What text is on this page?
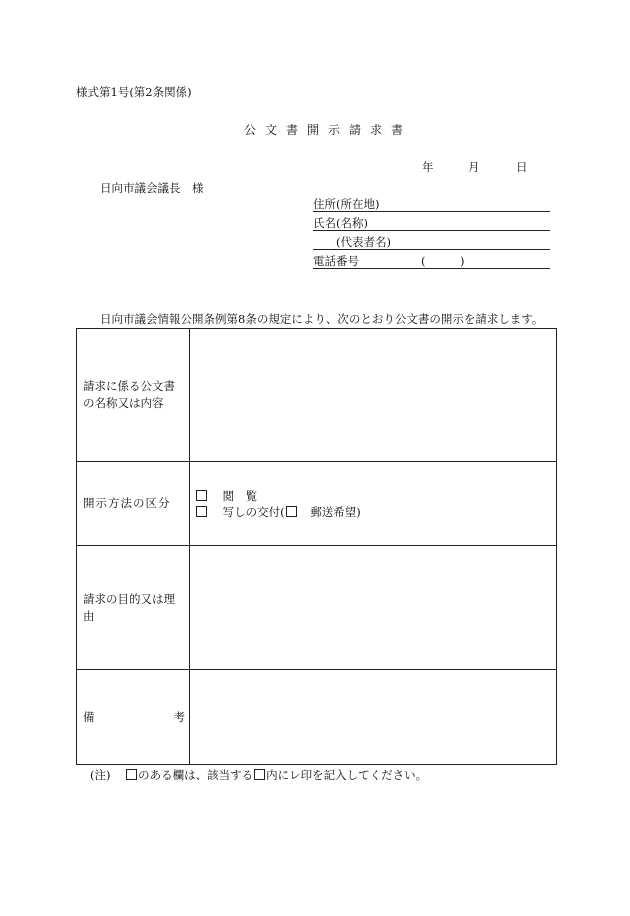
様式第1号(第2条関係)
公文書開示請求書
年	月	日
日向市議会議長　様
住所(所在地)
氏名(名称)
(代表者名)
電話番号	(　　　)
日向市議会情報公開条例第8条の規定により、次のとおり公文書の開示を請求します。
請求に係る公文書の名称又は内容	

開示方法の区分	閲　覧
写しの交付( 郵送希望)

請求の目的又は理由	

備 考	

(注) のある欄は、該当する 内にレ印を記入してください。
